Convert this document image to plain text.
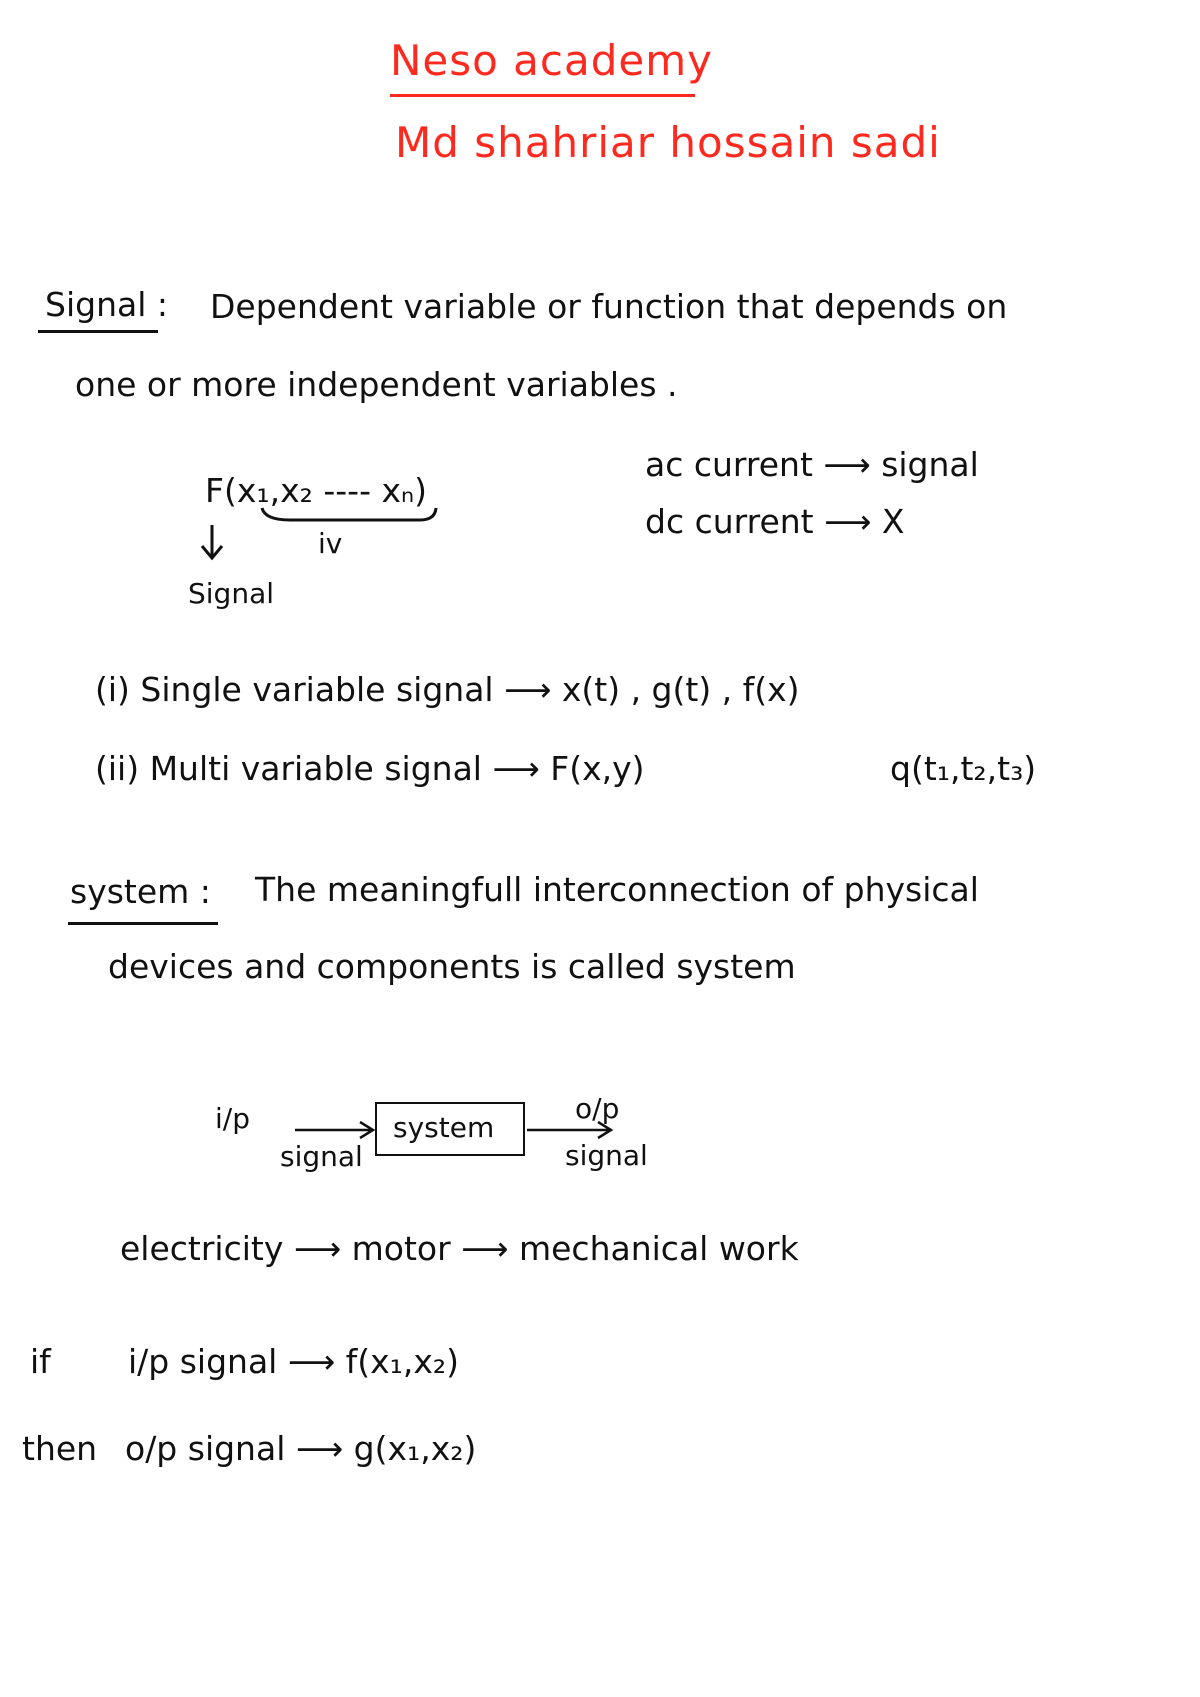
Neso academy
Md shahriar hossain sadi
Signal : Dependent variable or function that depends on
one or more independent variables .
F(x₁,x₂ ---- xₙ)
iv
Signal
ac current ⟶ signal
dc current ⟶ X
(i) Single variable signal ⟶ x(t) , g(t) , f(x)
(ii) Multi variable signal ⟶ F(x,y)	q(t₁,t₂,t₃)
system : The meaningfull interconnection of physical
devices and components is called system
i/p
signal
system
o/p
signal
electricity ⟶ motor ⟶ mechanical work
if i/p signal ⟶ f(x₁,x₂)
then o/p signal ⟶ g(x₁,x₂)
